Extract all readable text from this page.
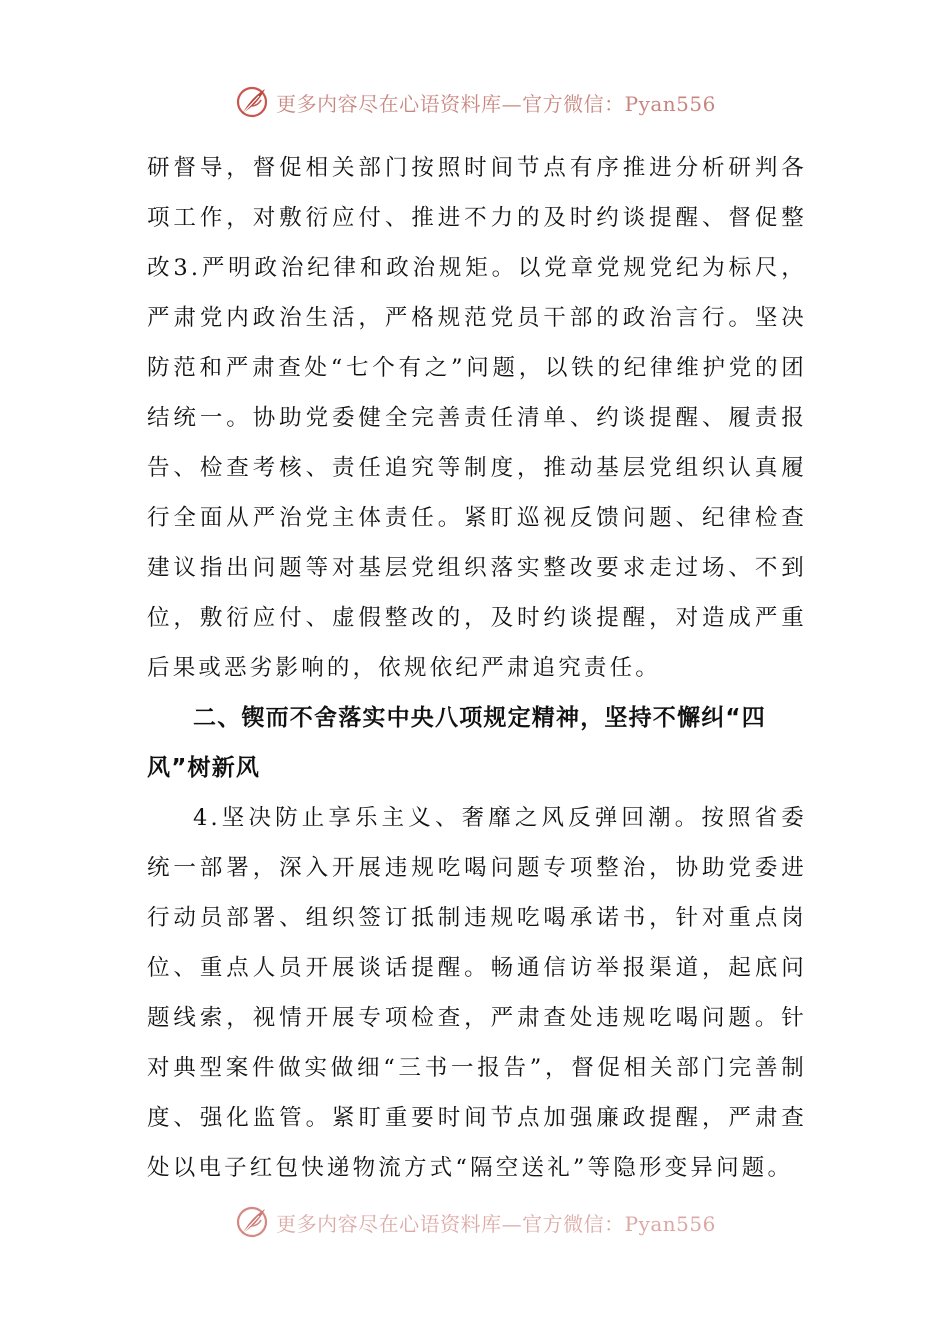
更多内容尽在心语资料库—官方微信：Pyan556

研督导，督促相关部门按照时间节点有序推进分析研判各项工作，对敷衍应付、推进不力的及时约谈提醒、督促整改3.严明政治纪律和政治规矩。以党章党规党纪为标尺，严肃党内政治生活，严格规范党员干部的政治言行。坚决防范和严肃查处“七个有之”问题，以铁的纪律维护党的团结统一。协助党委健全完善责任清单、约谈提醒、履责报告、检查考核、责任追究等制度，推动基层党组织认真履行全面从严治党主体责任。紧盯巡视反馈问题、纪律检查建议指出问题等对基层党组织落实整改要求走过场、不到位，敷衍应付、虚假整改的，及时约谈提醒，对造成严重后果或恶劣影响的，依规依纪严肃追究责任。

二、锲而不舍落实中央八项规定精神，坚持不懈纠“四风”树新风

4.坚决防止享乐主义、奢靡之风反弹回潮。按照省委统一部署，深入开展违规吃喝问题专项整治，协助党委进行动员部署、组织签订抵制违规吃喝承诺书，针对重点岗位、重点人员开展谈话提醒。畅通信访举报渠道，起底问题线索，视情开展专项检查，严肃查处违规吃喝问题。针对典型案件做实做细“三书一报告”，督促相关部门完善制度、强化监管。紧盯重要时间节点加强廉政提醒，严肃查处以电子红包快递物流方式“隔空送礼”等隐形变异问题。

更多内容尽在心语资料库—官方微信：Pyan556
